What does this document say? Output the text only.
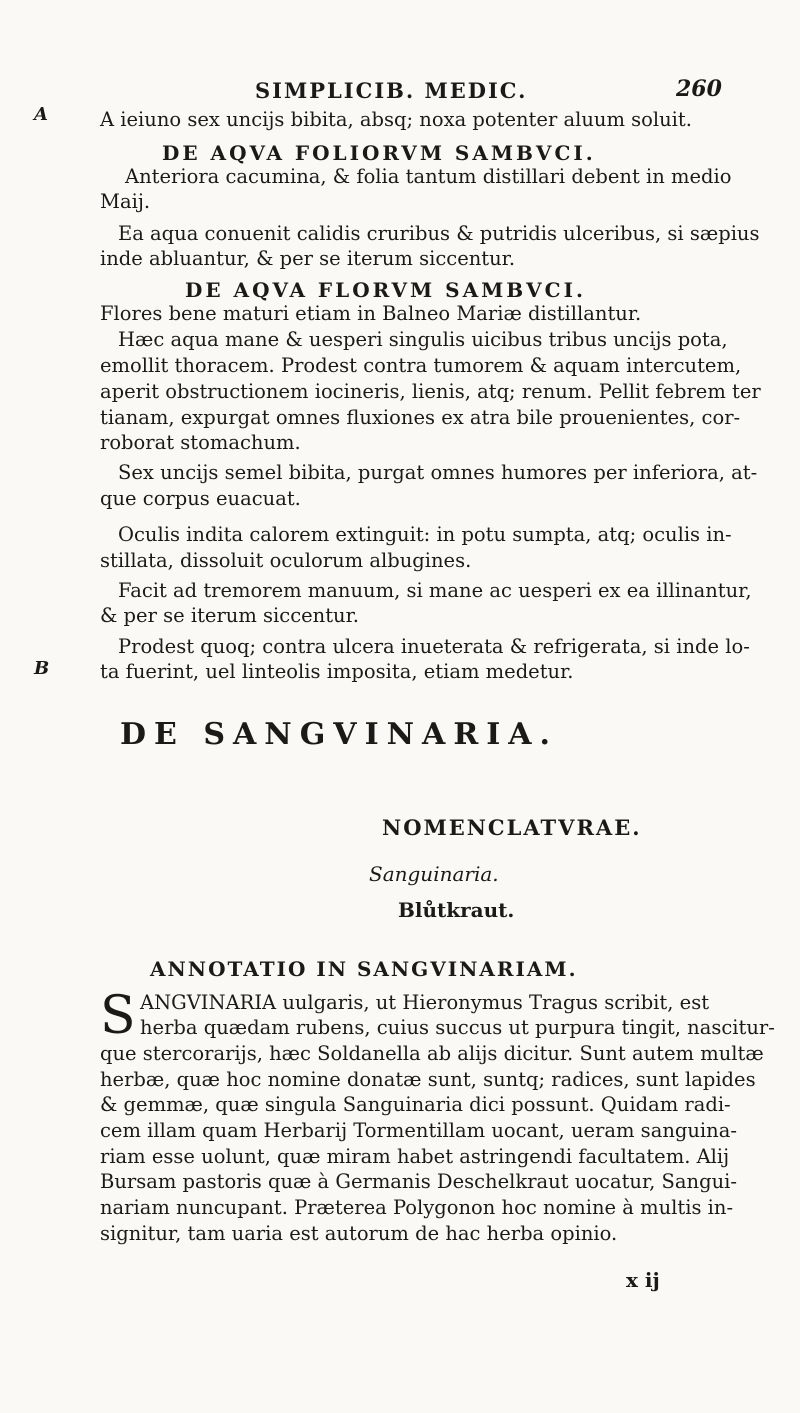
SIMPLICIB. MEDIC.	260
A
B
A ieiuno sex uncijs bibita, absq; noxa potenter aluum soluit.
DE AQVA FOLIORVM SAMBVCI.
Anteriora cacumina, & folia tantum distillari debent in medio
Maij.
Ea aqua conuenit calidis cruribus & putridis ulceribus, si sæpius
inde abluantur, & per se iterum siccentur.
DE AQVA FLORVM SAMBVCI.
Flores bene maturi etiam in Balneo Mariæ distillantur.
Hæc aqua mane & uesperi singulis uicibus tribus uncijs pota,
emollit thoracem. Prodest contra tumorem & aquam intercutem,
aperit obstructionem iocineris, lienis, atq; renum. Pellit febrem ter
tianam, expurgat omnes fluxiones ex atra bile prouenientes, cor-
roborat stomachum.
Sex uncijs semel bibita, purgat omnes humores per inferiora, at-
que corpus euacuat.
Oculis indita calorem extinguit: in potu sumpta, atq; oculis in-
stillata, dissoluit oculorum albugines.
Facit ad tremorem manuum, si mane ac uesperi ex ea illinantur,
& per se iterum siccentur.
Prodest quoq; contra ulcera inueterata & refrigerata, si inde lo-
ta fuerint, uel linteolis imposita, etiam medetur.
DE SANGVINARIA.
NOMENCLATVRAE.
Sanguinaria.
Blůtkraut.
ANNOTATIO IN SANGVINARIAM.
S ANGVINARIA uulgaris, ut Hieronymus Tragus scribit, est
herba quædam rubens, cuius succus ut purpura tingit, nascitur-
que stercorarijs, hæc Soldanella ab alijs dicitur. Sunt autem multæ
herbæ, quæ hoc nomine donatæ sunt, suntq; radices, sunt lapides
& gemmæ, quæ singula Sanguinaria dici possunt. Quidam radi-
cem illam quam Herbarij Tormentillam uocant, ueram sanguina-
riam esse uolunt, quæ miram habet astringendi facultatem. Alij
Bursam pastoris quæ à Germanis Deschelkraut uocatur, Sangui-
nariam nuncupant. Præterea Polygonon hoc nomine à multis in-
signitur, tam uaria est autorum de hac herba opinio.
x ij
